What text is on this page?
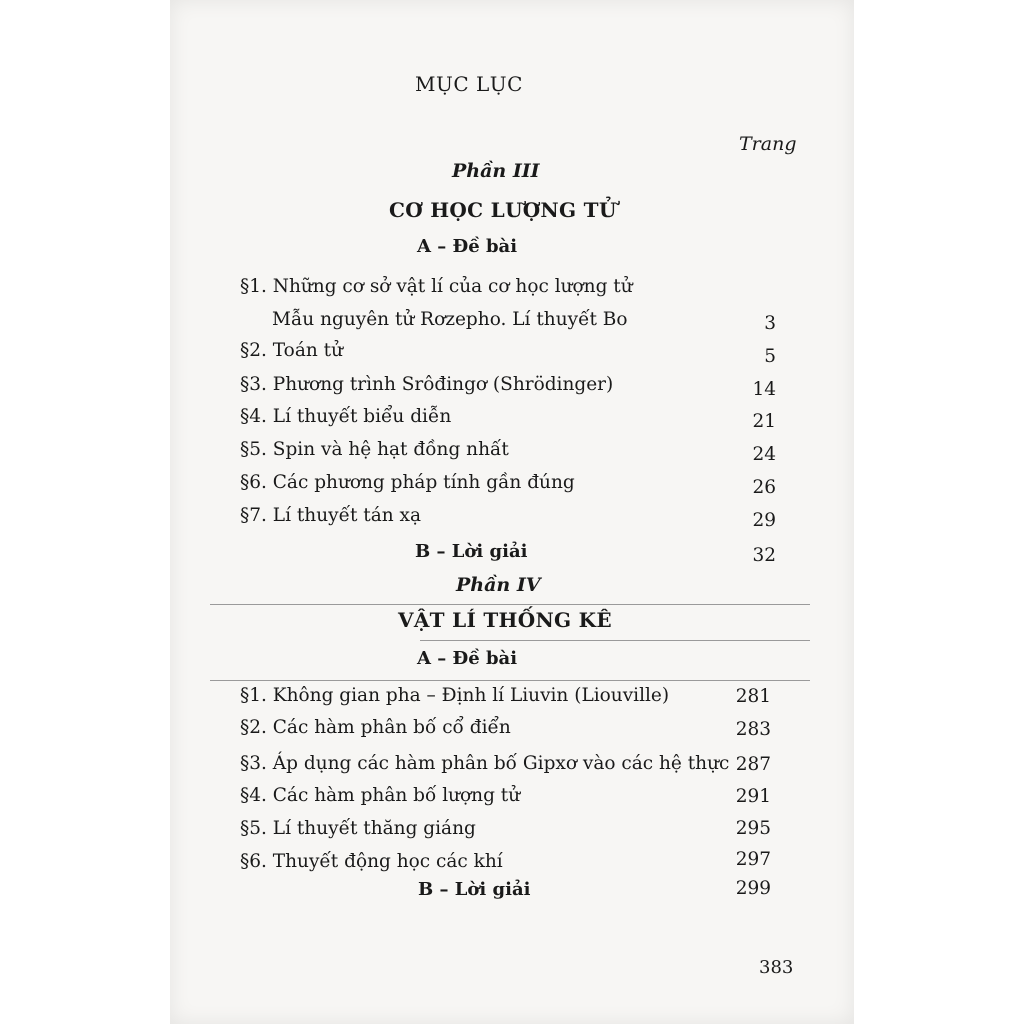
MỤC LỤC
Trang
Phần III
CƠ HỌC LƯỢNG TỬ
A – Đề bài
§1. Những cơ sở vật lí của cơ học lượng tử
Mẫu nguyên tử Rơzepho. Lí thuyết Bo	3
§2. Toán tử	5
§3. Phương trình Srôđingơ (Shrödinger)	14
§4. Lí thuyết biểu diễn	21
§5. Spin và hệ hạt đồng nhất	24
§6. Các phương pháp tính gần đúng	26
§7. Lí thuyết tán xạ	29
B – Lời giải	32
Phần IV
VẬT LÍ THỐNG KÊ
A – Đề bài
§1. Không gian pha – Định lí Liuvin (Liouville)	281
§2. Các hàm phân bố cổ điển	283
§3. Áp dụng các hàm phân bố Gipxơ vào các hệ thực 287
§4. Các hàm phân bố lượng tử	291
§5. Lí thuyết thăng giáng	295
§6. Thuyết động học các khí	297
B – Lời giải	299
383
